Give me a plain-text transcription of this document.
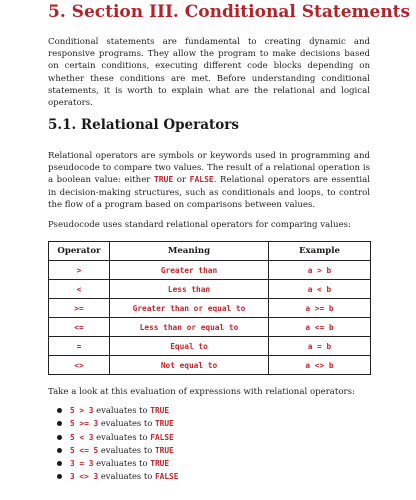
5. Section III. Conditional Statements

Conditional statements are fundamental to creating dynamic and responsive programs. They allow the program to make decisions based on certain conditions, executing different code blocks depending on whether these conditions are met. Before understanding conditional statements, it is worth to explain what are the relational and logical operators.

5.1. Relational Operators

Relational operators are symbols or keywords used in programming and pseudocode to compare two values. The result of a relational operation is a boolean value: either TRUE or FALSE. Relational operators are essential in decision-making structures, such as conditionals and loops, to control the flow of a program based on comparisons between values.

Pseudocode uses standard relational operators for comparing values:

Operator	Meaning	Example
>	Greater than	a > b
<	Less than	a < b
>=	Greater than or equal to	a >= b
<=	Less than or equal to	a <= b
=	Equal to	a = b
<>	Not equal to	a <> b

Take a look at this evaluation of expressions with relational operators:

5 > 3 evaluates to TRUE
5 >= 3 evaluates to TRUE
5 < 3 evaluates to FALSE
5 <= 5 evaluates to TRUE
3 = 3 evaluates to TRUE
3 <> 3 evaluates to FALSE
